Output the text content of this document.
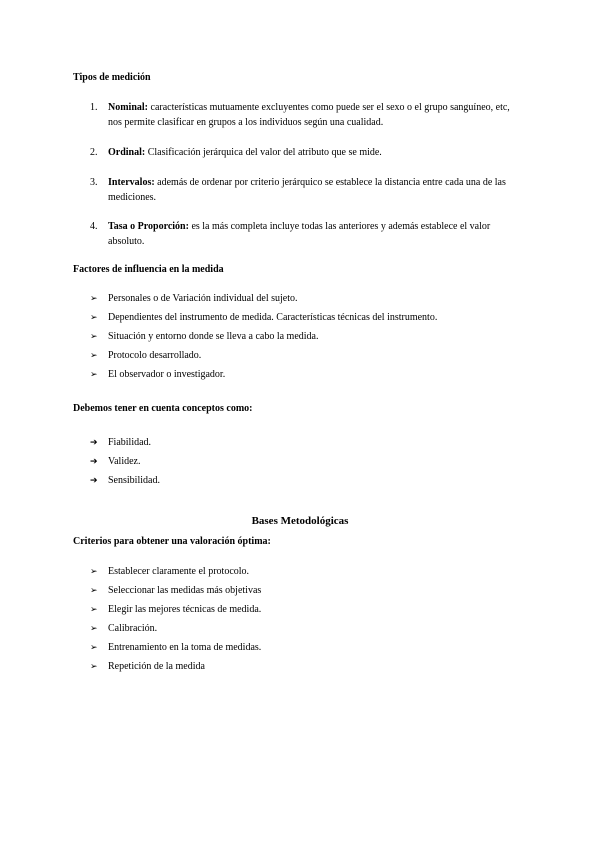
Tipos de medición
1. Nominal: características mutuamente excluyentes como puede ser el sexo o el grupo sanguíneo, etc, nos permite clasificar en grupos a los individuos según una cualidad.
2. Ordinal: Clasificación jerárquica del valor del atributo que se mide.
3. Intervalos: además de ordenar por criterio jerárquico se establece la distancia entre cada una de las mediciones.
4. Tasa o Proporción: es la más completa incluye todas las anteriores y además establece el valor absoluto.
Factores de influencia en la medida
➢ Personales o de Variación individual del sujeto.
➢ Dependientes del instrumento de medida. Características técnicas del instrumento.
➢ Situación y entorno donde se lleva a cabo la medida.
➢ Protocolo desarrollado.
➢ El observador o investigador.
Debemos tener en cuenta conceptos como:
➔ Fiabilidad.
➔ Validez.
➔ Sensibilidad.
Bases Metodológicas
Criterios para obtener una valoración óptima:
➢ Establecer claramente el protocolo.
➢ Seleccionar las medidas más objetivas
➢ Elegir las mejores técnicas de medida.
➢ Calibración.
➢ Entrenamiento en la toma de medidas.
➢ Repetición de la medida
